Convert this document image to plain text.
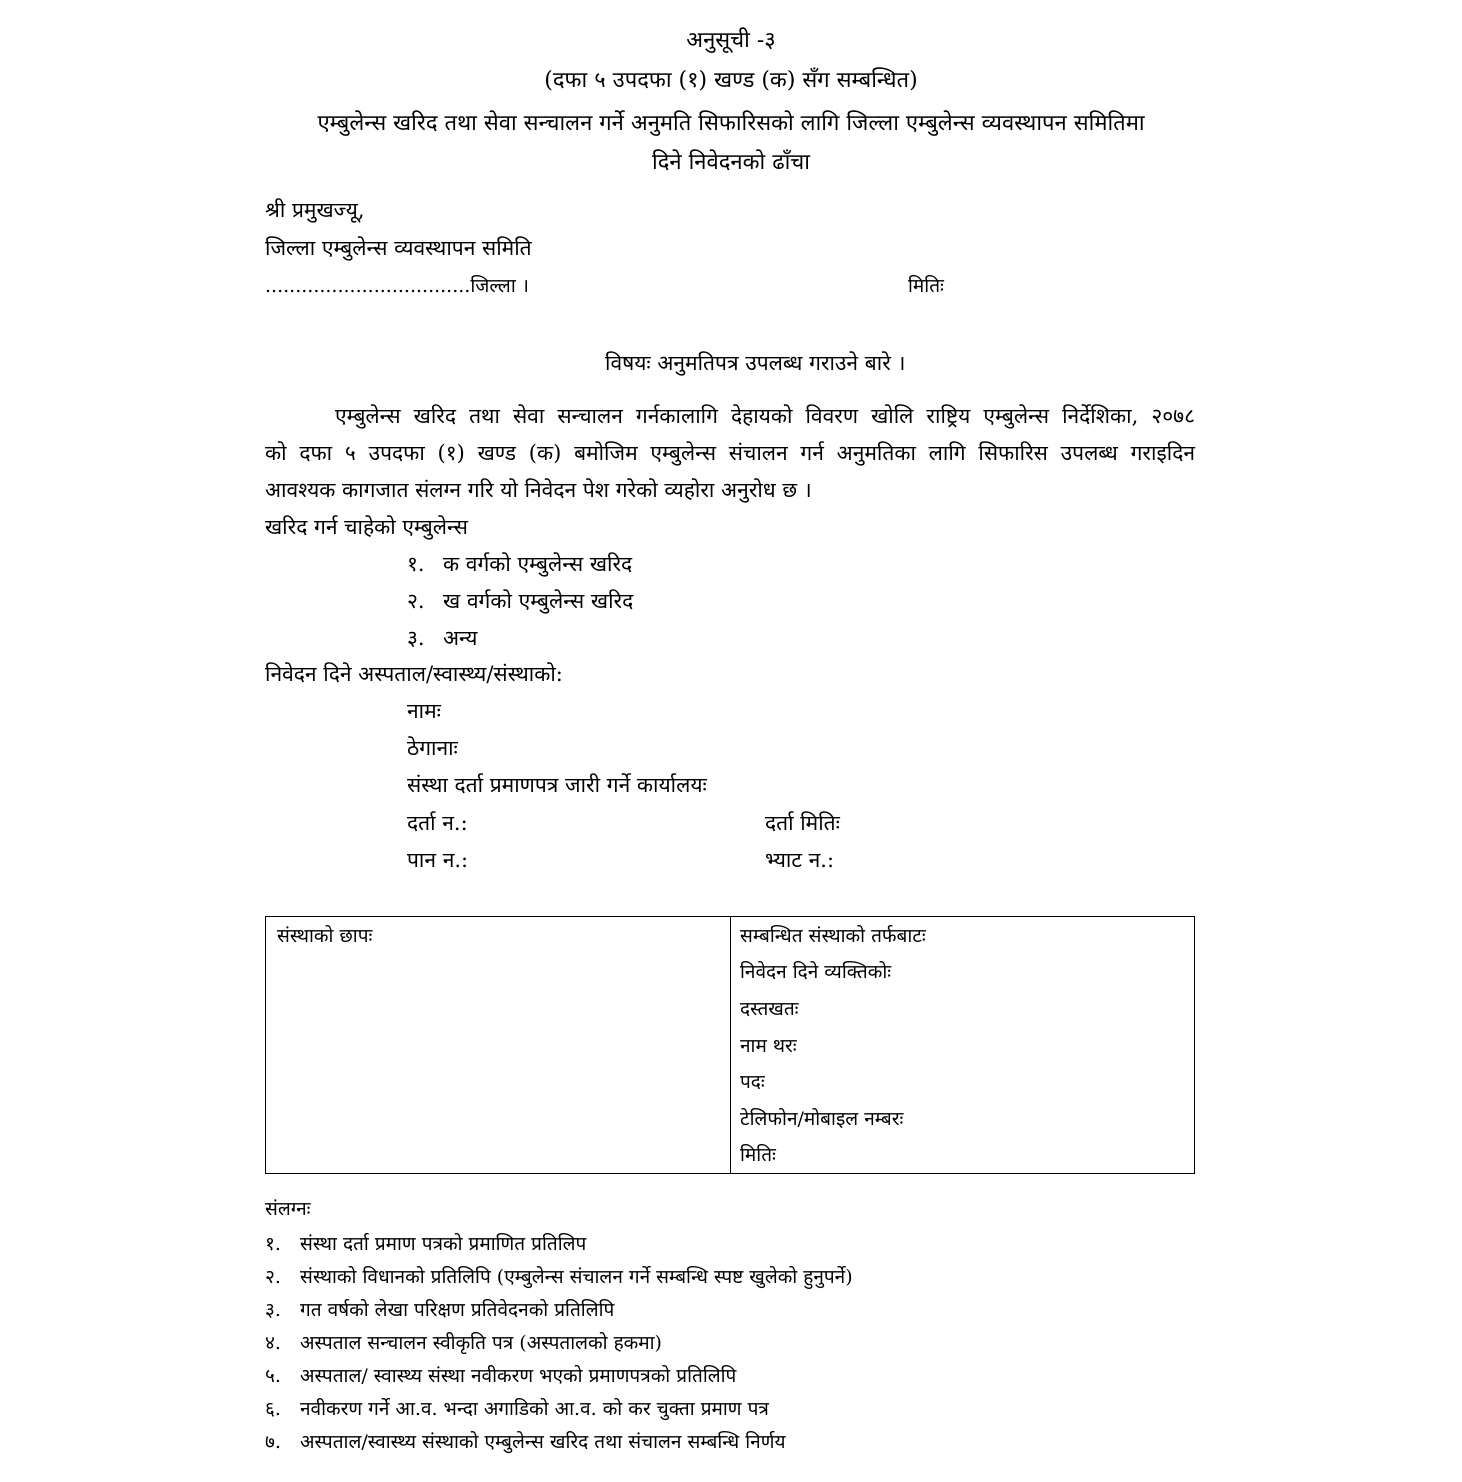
अनुसूची -३
(दफा ५ उपदफा (१) खण्ड (क) सँग सम्बन्धित)
एम्बुलेन्स खरिद तथा सेवा सन्चालन गर्ने अनुमति सिफारिसको लागि जिल्ला एम्बुलेन्स व्यवस्थापन समितिमा
दिने निवेदनको ढाँचा
श्री प्रमुखज्यू,
जिल्ला एम्बुलेन्स व्यवस्थापन समिति
..................................जिल्ला ।	मितिः
विषयः अनुमतिपत्र उपलब्ध गराउने बारे ।
एम्बुलेन्स खरिद तथा सेवा सन्चालन गर्नकालागि देहायको विवरण खोलि राष्ट्रिय एम्बुलेन्स निर्देशिका, २०७८
को दफा ५ उपदफा (१) खण्ड (क) बमोजिम एम्बुलेन्स संचालन गर्न अनुमतिका लागि सिफारिस उपलब्ध गराइदिन
आवश्यक कागजात संलग्न गरि यो निवेदन पेश गरेको व्यहोरा अनुरोध छ ।
खरिद गर्न चाहेको एम्बुलेन्स
१. क वर्गको एम्बुलेन्स खरिद
२. ख वर्गको एम्बुलेन्स खरिद
३. अन्य
निवेदन दिने अस्पताल/स्वास्थ्य/संस्थाको:
नामः
ठेगानाः
संस्था दर्ता प्रमाणपत्र जारी गर्ने कार्यालयः
दर्ता न.:	दर्ता मितिः
पान न.:	भ्याट न.:
संस्थाको छापः	सम्बन्धित संस्थाको तर्फबाटः
निवेदन दिने व्यक्तिकोः
दस्तखतः
नाम थरः
पदः
टेलिफोन/मोबाइल नम्बरः
मितिः
संलग्नः
१. संस्था दर्ता प्रमाण पत्रको प्रमाणित प्रतिलिप
२. संस्थाको विधानको प्रतिलिपि (एम्बुलेन्स संचालन गर्ने सम्बन्धि स्पष्ट खुलेको हुनुपर्ने)
३. गत वर्षको लेखा परिक्षण प्रतिवेदनको प्रतिलिपि
४. अस्पताल सन्चालन स्वीकृति पत्र (अस्पतालको हकमा)
५. अस्पताल/ स्वास्थ्य संस्था नवीकरण भएको प्रमाणपत्रको प्रतिलिपि
६. नवीकरण गर्ने आ.व. भन्दा अगाडिको आ.व. को कर चुक्ता प्रमाण पत्र
७. अस्पताल/स्वास्थ्य संस्थाको एम्बुलेन्स खरिद तथा संचालन सम्बन्धि निर्णय
